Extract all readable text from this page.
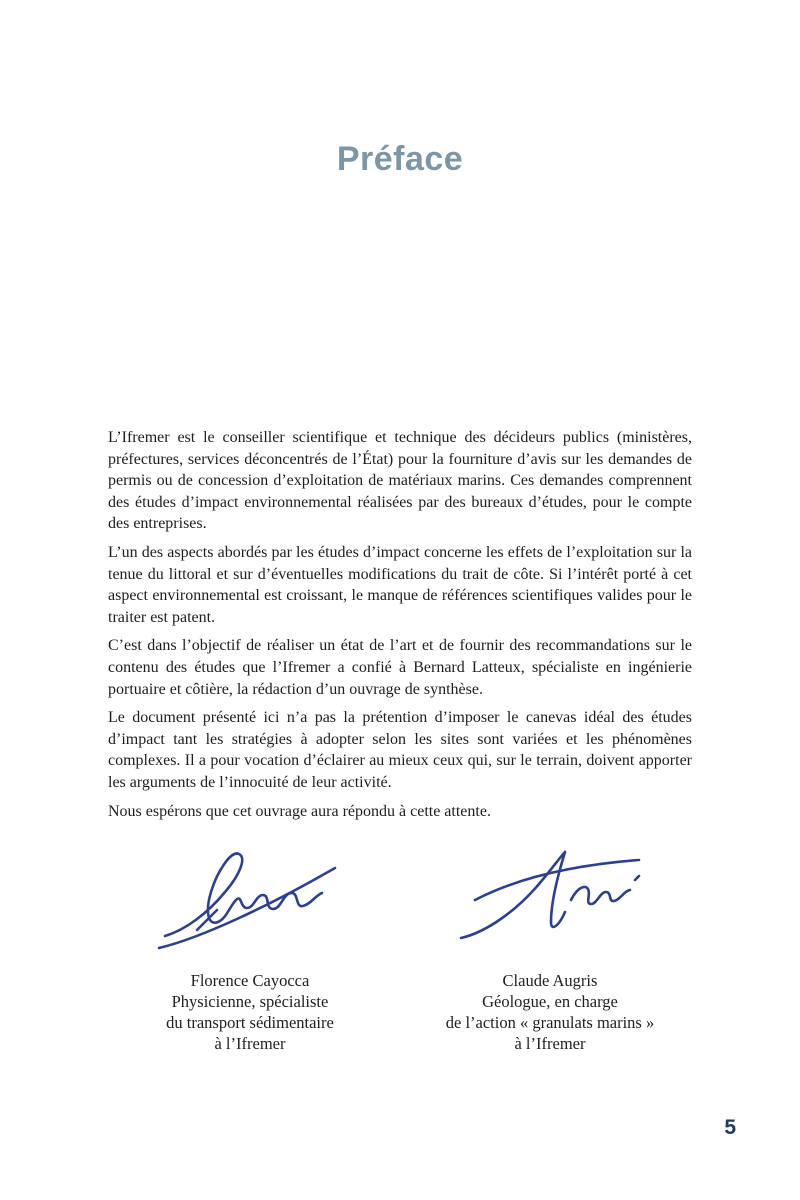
Préface

L’Ifremer est le conseiller scientifique et technique des décideurs publics (ministères, préfectures, services déconcentrés de l’État) pour la fourniture d’avis sur les demandes de permis ou de concession d’exploitation de matériaux marins. Ces demandes comprennent des études d’impact environnemental réalisées par des bureaux d’études, pour le compte des entreprises.

L’un des aspects abordés par les études d’impact concerne les effets de l’exploitation sur la tenue du littoral et sur d’éventuelles modifications du trait de côte. Si l’intérêt porté à cet aspect environnemental est croissant, le manque de références scientifiques valides pour le traiter est patent.

C’est dans l’objectif de réaliser un état de l’art et de fournir des recommandations sur le contenu des études que l’Ifremer a confié à Bernard Latteux, spécialiste en ingénierie portuaire et côtière, la rédaction d’un ouvrage de synthèse.

Le document présenté ici n’a pas la prétention d’imposer le canevas idéal des études d’impact tant les stratégies à adopter selon les sites sont variées et les phénomènes complexes. Il a pour vocation d’éclairer au mieux ceux qui, sur le terrain, doivent apporter les arguments de l’innocuité de leur activité.

Nous espérons que cet ouvrage aura répondu à cette attente.

Florence Cayocca
Physicienne, spécialiste
du transport sédimentaire
à l’Ifremer
Claude Augris
Géologue, en charge
de l’action « granulats marins »
à l’Ifremer
5
